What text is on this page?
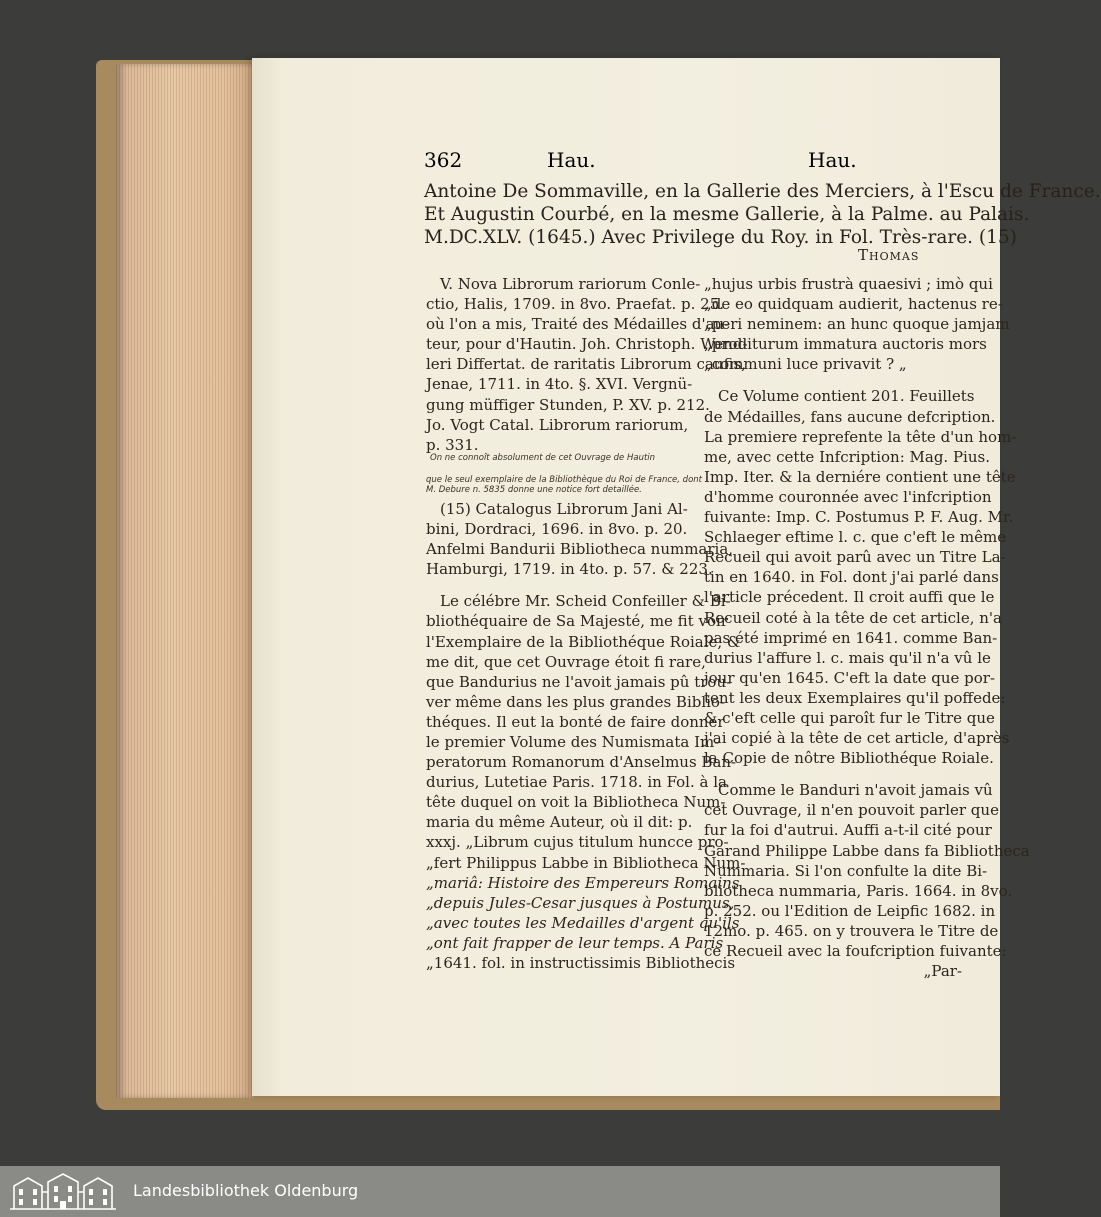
362	Hau.	Hau.
Antoine De Sommaville, en la Gallerie des Merciers, à l'Escu de France.
Et Augustin Courbé, en la mesme Gallerie, à la Palme. au Palais.
M.DC.XLV. (1645.) Avec Privilege du Roy. in Fol. Très-rare. (15)
Thomas

V. Nova Librorum rariorum Conle-

ctio, Halis, 1709. in 8vo. Praefat. p. 25.

où l'on a mis, Traité des Médailles d'au-

teur, pour d'Hautin. Joh. Christoph. Wend-

leri Differtat. de raritatis Librorum caufis,

Jenae, 1711. in 4to. §. XVI. Vergnü-

gung müffiger Stunden, P. XV. p. 212.

Jo. Vogt Catal. Librorum rariorum,

p. 331.

On ne connoît absolument de cet Ouvrage de Hautin
que le seul exemplaire de la Bibliothèque du Roi de France, dont
M. Debure n. 5835 donne une notice fort detaillée.

(15) Catalogus Librorum Jani Al-

bini, Dordraci, 1696. in 8vo. p. 20.

Anfelmi Bandurii Bibliotheca nummaria,

Hamburgi, 1719. in 4to. p. 57. & 223.

Le célébre Mr. Scheid Confeiller & Bi-

bliothéquaire de Sa Majesté, me fit voir

l'Exemplaire de la Bibliothéque Roiale, &

me dit, que cet Ouvrage étoit fi rare,

que Bandurius ne l'avoit jamais pû trou-

ver même dans les plus grandes Biblio-

théques. Il eut la bonté de faire donner

le premier Volume des Numismata Im-

peratorum Romanorum d'Anselmus Ban-

durius, Lutetiae Paris. 1718. in Fol. à la

tête duquel on voit la Bibliotheca Num-

maria du même Auteur, où il dit: p.

xxxj. „Librum cujus titulum huncce pro-

„fert Philippus Labbe in Bibliotheca Num-

„mariâ: Histoire des Empereurs Romains

„depuis Jules-Cesar jusques à Postumus,

„avec toutes les Medailles d'argent qu'ils

„ont fait frapper de leur temps. A Paris

„1641. fol. in instructissimis Bibliothecis

„hujus urbis frustrà quaesivi ; imò qui

„de eo quidquam audierit, hactenus re-

„peri neminem: an hunc quoque jamjam

„proditurum immatura auctoris mors

„communi luce privavit ? „

Ce Volume contient 201. Feuillets

de Médailles, fans aucune defcription.

La premiere reprefente la tête d'un hom-

me, avec cette Infcription: Mag. Pius.

Imp. Iter. & la derniére contient une tête

d'homme couronnée avec l'infcription

fuivante: Imp. C. Postumus P. F. Aug. Mr.

Schlaeger eftime l. c. que c'eft le même

Recueil qui avoit parû avec un Titre La-

tin en 1640. in Fol. dont j'ai parlé dans

l'article précedent. Il croit auffi que le

Recueil coté à la tête de cet article, n'a

pas été imprimé en 1641. comme Ban-

durius l'affure l. c. mais qu'il n'a vû le

jour qu'en 1645. C'eft la date que por-

tent les deux Exemplaires qu'il poffede:

& c'eft celle qui paroît fur le Titre que

j'ai copié à la tête de cet article, d'après

la Copie de nôtre Bibliothéque Roiale.

Comme le Banduri n'avoit jamais vû

cet Ouvrage, il n'en pouvoit parler que

fur la foi d'autrui. Auffi a-t-il cité pour

Garand Philippe Labbe dans fa Bibliotheca

Nummaria. Si l'on confulte la dite Bi-

bliotheca nummaria, Paris. 1664. in 8vo.

p. 252. ou l'Edition de Leipfic 1682. in

12mo. p. 465. on y trouvera le Titre de

ce Recueil avec la foufcription fuivante:

„Par-

Landesbibliothek Oldenburg
